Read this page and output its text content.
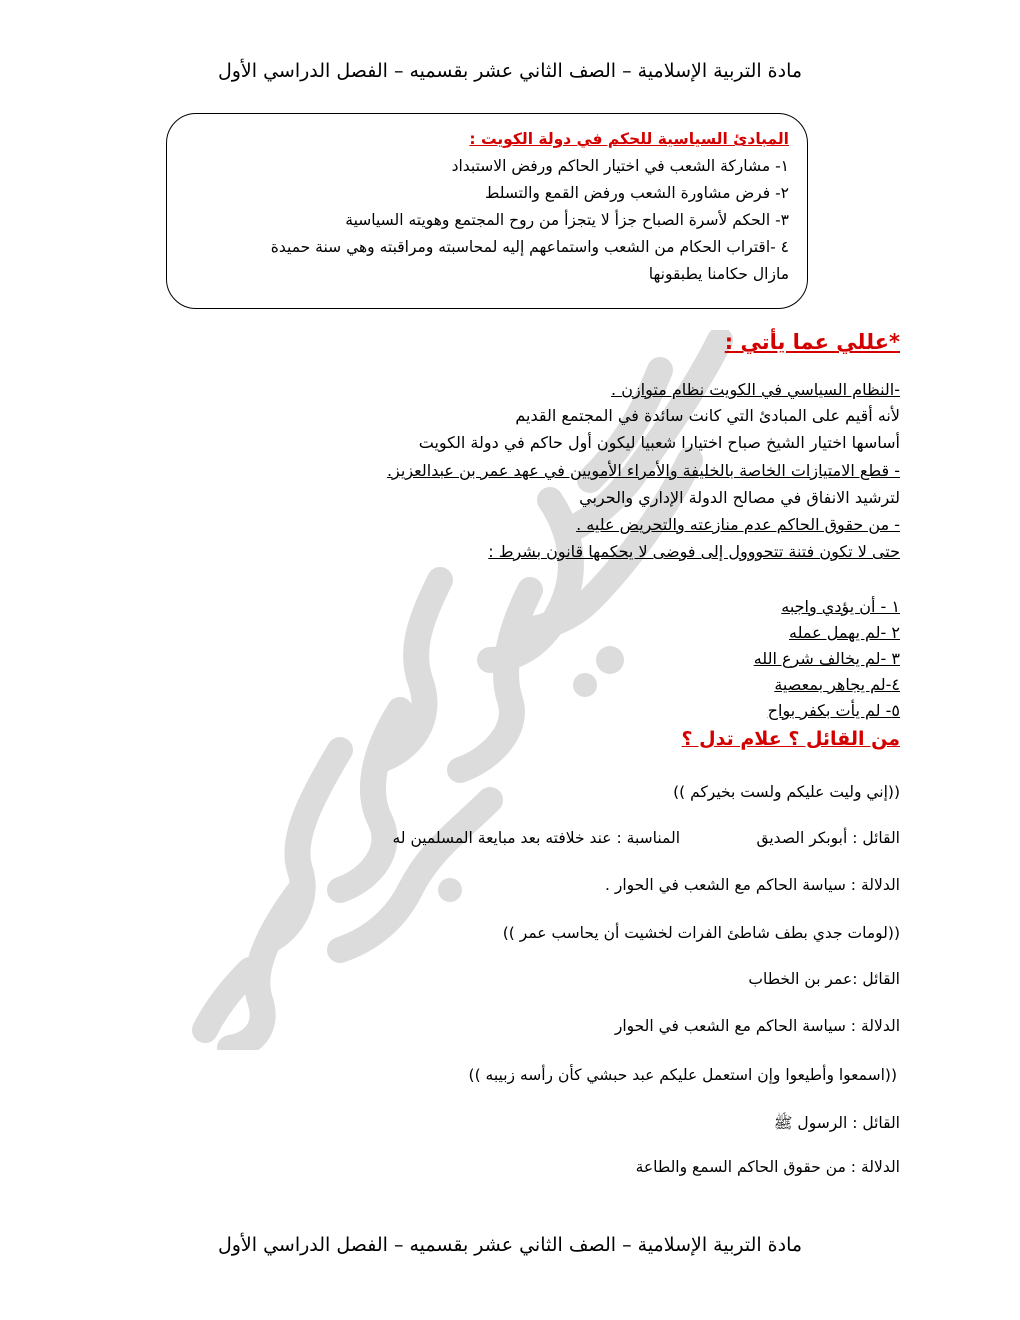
مادة التربية الإسلامية – الصف الثاني عشر بقسميه – الفصل الدراسي الأول
المبادئ السياسية للحكم في دولة الكويت :
١- مشاركة الشعب في اختيار الحاكم ورفض الاستبداد
٢- فرض مشاورة الشعب ورفض القمع والتسلط
٣- الحكم لأسرة الصباح جزأ لا يتجزأ من روح المجتمع وهويته السياسية
٤ -اقتراب الحكام من الشعب واستماعهم إليه لمحاسبته ومراقبته وهي سنة حميدة
مازال حكامنا يطبقونها
*عللي عما يأتي :
-النظام السياسي في الكويت نظام متوازن .
لأنه أقيم على المبادئ التي كانت سائدة في المجتمع القديم
أساسها اختيار الشيخ صباح اختيارا شعبيا ليكون أول حاكم في دولة الكويت
- قطع الامتيازات الخاصة بالخليفة والأمراء الأمويين في عهد عمر بن عبدالعزيز.
لترشيد الانفاق في مصالح الدولة الإداري والحربي
- من حقوق الحاكم عدم منازعته والتحريض عليه .
حتى لا تكون فتنة تتحووول إلى فوضى لا يحكمها قانون بشرط :
١ - أن يؤدي واجبه
٢ -لم يهمل عمله
٣ -لم يخالف شرع الله
٤-لم يجاهر بمعصية
٥- لم يأت بكفر بواح
من القائل ؟ علام تدل ؟
((إني وليت عليكم ولست بخيركم ))
القائل : أبوبكر الصديق
المناسبة : عند خلافته بعد مبايعة المسلمين له
الدلالة : سياسة الحاكم مع الشعب في الحوار .
((لومات جدي بطف شاطئ الفرات لخشيت أن يحاسب عمر ))
القائل :عمر بن الخطاب
الدلالة : سياسة الحاكم مع الشعب في الحوار
((اسمعوا وأطيعوا وإن استعمل عليكم عبد حبشي كأن رأسه زبيبه ))
القائل : الرسول ﷺ
الدلالة : من حقوق الحاكم السمع والطاعة
مادة التربية الإسلامية – الصف الثاني عشر بقسميه – الفصل الدراسي الأول
